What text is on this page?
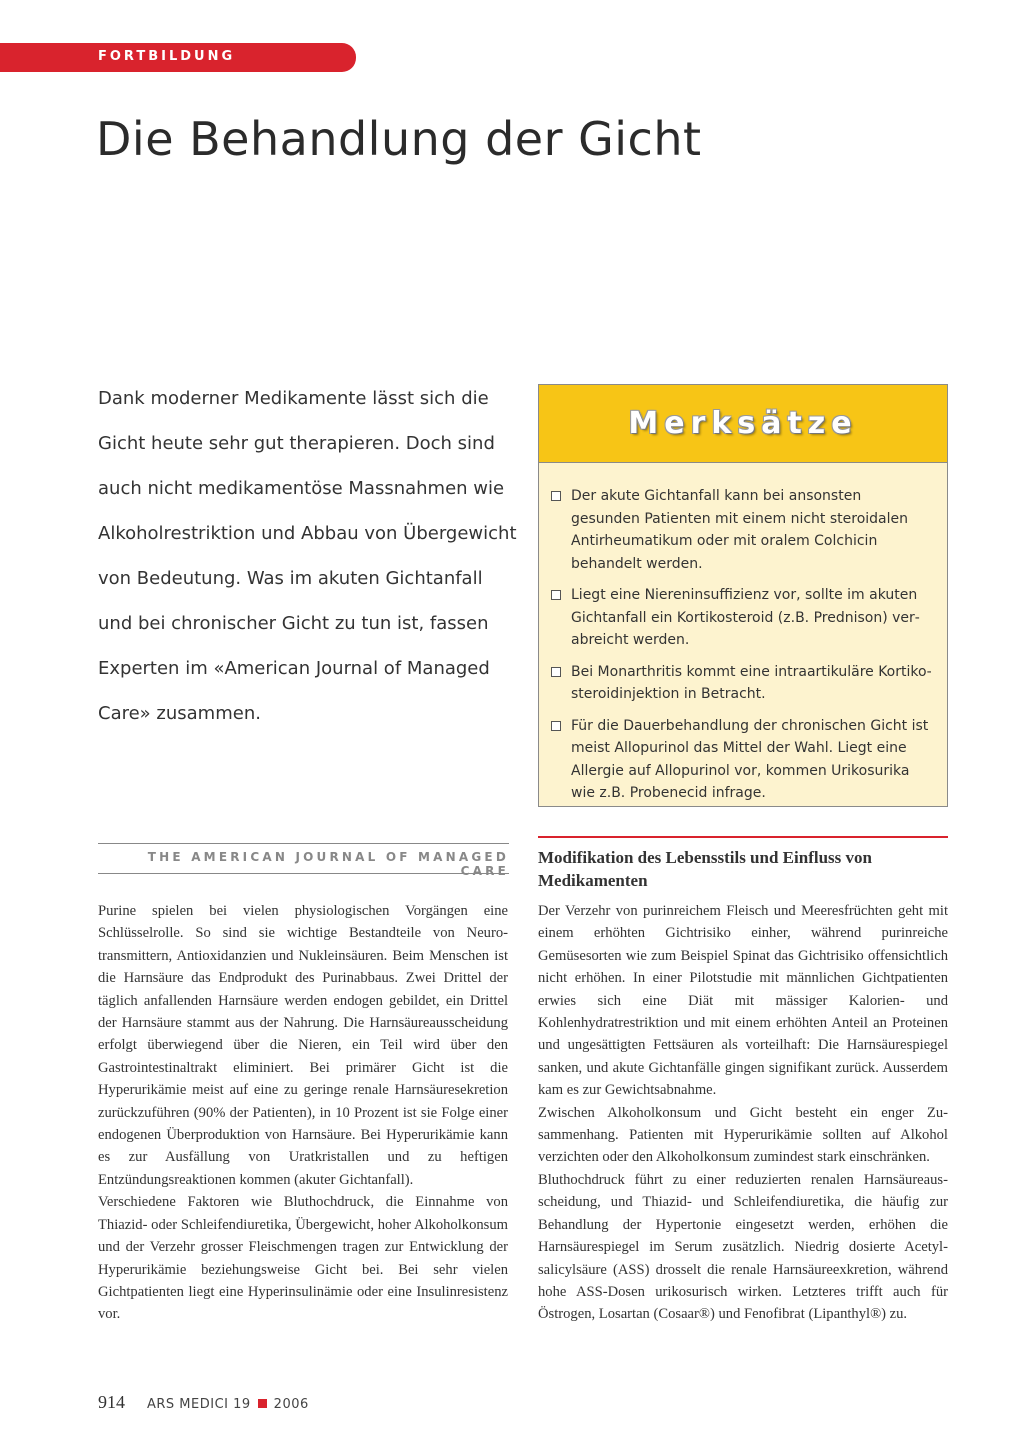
FORTBILDUNG
Die Behandlung der Gicht
Dank moderner Medikamente lässt sich die Gicht heute sehr gut therapieren. Doch sind auch nicht medikamentöse Massnahmen wie Alkoholrestriktion und Abbau von Übergewicht von Bedeutung. Was im akuten Gichtanfall und bei chronischer Gicht zu tun ist, fassen Experten im «American Journal of Managed Care» zusammen.
Merksätze
Der akute Gichtanfall kann bei ansonsten gesunden Patienten mit einem nicht steroidalen Antirheumatikum oder mit oralem Colchicin behandelt werden.
Liegt eine Niereninsuffizienz vor, sollte im akuten Gichtanfall ein Kortikosteroid (z.B. Prednison) verabreicht werden.
Bei Monarthritis kommt eine intraartikuläre Kortikosteroidinjektion in Betracht.
Für die Dauerbehandlung der chronischen Gicht ist meist Allopurinol das Mittel der Wahl. Liegt eine Allergie auf Allopurinol vor, kommen Urikosurika wie z.B. Probenecid infrage.
THE AMERICAN JOURNAL OF MANAGED CARE

Purine spielen bei vielen physiologischen Vorgängen eine Schlüsselrolle. So sind sie wichtige Bestandteile von Neurotransmittern, Antioxidanzien und Nukleinsäuren. Beim Menschen ist die Harnsäure das Endprodukt des Purinabbaus. Zwei Drittel der täglich anfallenden Harnsäure werden endogen gebildet, ein Drittel der Harnsäure stammt aus der Nahrung. Die Harnsäureausscheidung erfolgt überwiegend über die Nieren, ein Teil wird über den Gastrointestinaltrakt eliminiert. Bei primärer Gicht ist die Hyperurikämie meist auf eine zu geringe renale Harnsäuresekretion zurückzuführen (90% der Patienten), in 10 Prozent ist sie Folge einer endogenen Überproduktion von Harnsäure. Bei Hyperurikämie kann es zur Ausfällung von Uratkristallen und zu heftigen Entzündungsreaktionen kommen (akuter Gichtanfall).

Verschiedene Faktoren wie Bluthochdruck, die Einnahme von Thiazid- oder Schleifendiuretika, Übergewicht, hoher Alkoholkonsum und der Verzehr grosser Fleischmengen tragen zur Entwicklung der Hyperurikämie beziehungsweise Gicht bei. Bei sehr vielen Gichtpatienten liegt eine Hyperinsulinämie oder eine Insulinresistenz vor.

Modifikation des Lebensstils und Einfluss von Medikamenten

Der Verzehr von purinreichem Fleisch und Meeresfrüchten geht mit einem erhöhten Gichtrisiko einher, während purinreiche Gemüsesorten wie zum Beispiel Spinat das Gichtrisiko offensichtlich nicht erhöhen. In einer Pilotstudie mit männlichen Gichtpatienten erwies sich eine Diät mit mässiger Kalorien- und Kohlenhydratrestriktion und mit einem erhöhten Anteil an Proteinen und ungesättigten Fettsäuren als vorteilhaft: Die Harnsäurespiegel sanken, und akute Gichtanfälle gingen signifikant zurück. Ausserdem kam es zur Gewichtsabnahme.

Zwischen Alkoholkonsum und Gicht besteht ein enger Zusammenhang. Patienten mit Hyperurikämie sollten auf Alkohol verzichten oder den Alkoholkonsum zumindest stark einschränken.

Bluthochdruck führt zu einer reduzierten renalen Harnsäureausscheidung, und Thiazid- und Schleifendiuretika, die häufig zur Behandlung der Hypertonie eingesetzt werden, erhöhen die Harnsäurespiegel im Serum zusätzlich. Niedrig dosierte Acetylsalicylsäure (ASS) drosselt die renale Harnsäureexkretion, während hohe ASS-Dosen urikosurisch wirken. Letzteres trifft auch für Östrogen, Losartan (Cosaar®) und Fenofibrat (Lipanthyl®) zu.

914 ARS MEDICI 19 2006
